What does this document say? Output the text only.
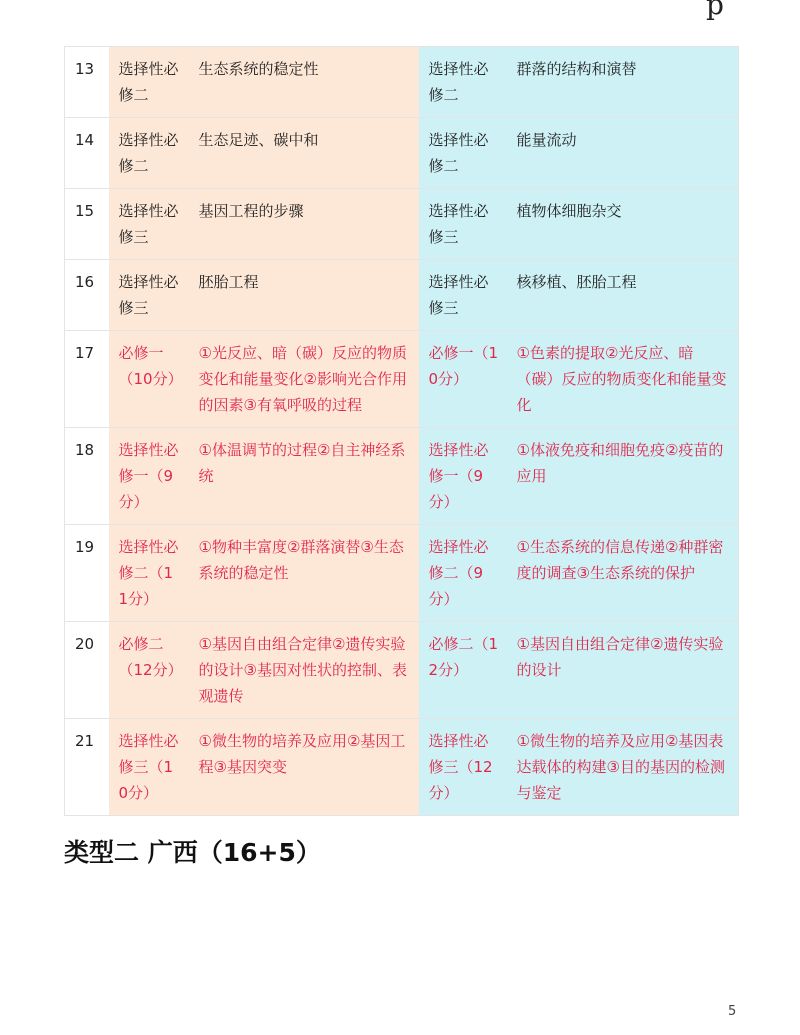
p
13	选择性必修二	生态系统的稳定性	选择性必修二	群落的结构和演替
14	选择性必修二	生态足迹、碳中和	选择性必修二	能量流动
15	选择性必修三	基因工程的步骤	选择性必修三	植物体细胞杂交
16	选择性必修三	胚胎工程	选择性必修三	核移植、胚胎工程
17	必修一（10分）	①光反应、暗（碳）反应的物质变化和能量变化②影响光合作用的因素③有氧呼吸的过程	必修一（10分）	①色素的提取②光反应、暗（碳）反应的物质变化和能量变化
18	选择性必修一（9分）	①体温调节的过程②自主神经系统	选择性必修一（9分）	①体液免疫和细胞免疫②疫苗的应用
19	选择性必修二（11分）	①物种丰富度②群落演替③生态系统的稳定性	选择性必修二（9分）	①生态系统的信息传递②种群密度的调查③生态系统的保护
20	必修二（12分）	①基因自由组合定律②遗传实验的设计③基因对性状的控制、表观遗传	必修二（12分）	①基因自由组合定律②遗传实验的设计
21	选择性必修三（10分）	①微生物的培养及应用②基因工程③基因突变	选择性必修三（12分）	①微生物的培养及应用②基因表达载体的构建③目的基因的检测与鉴定
类型二 广西（16+5）
5
